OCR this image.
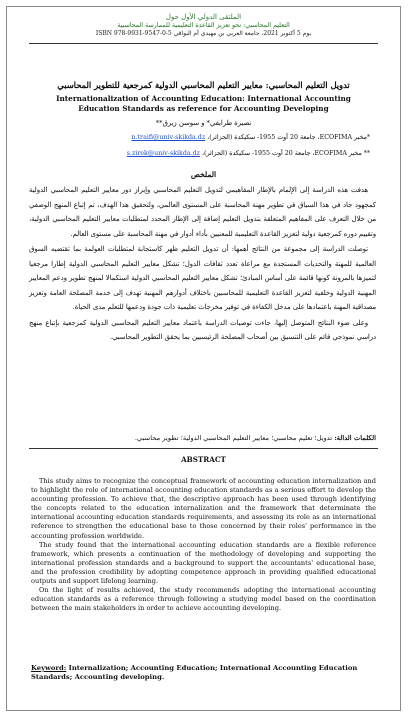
الملتقى الدولي الأول حول
التعليم المحاسبي: نحو تعزيز القاعدة التعليمية للممارسة المحاسبية
يوم 5 أكتوبر 2021، جامعة العربي بن مهيدي أم البواقي ISBN 978-9931-9547-0-5
تدويل التعليم المحاسبي: معايير التعليم المحاسبي الدولية كمرجعية للتطوير المحاسبي
Internationalization of Accounting Education: International Accounting Education Standards as reference for Accounting Developing
نصيرة طرايفي* و سوسن زيرق**
*مخبر ECOFIMA، جامعة 20 أوت 1955- سكيكدة (الجزائر)، n.traifi@univ-skikda.dz
** مخبر ECOFIMA، جامعة 20 أوت 1955- سكيكدة (الجزائر)، s.zirek@univ-skikda.dz
الملخص

هدفت هذه الدراسة إلى الإلمام بالإطار المفاهيمي لتدويل التعليم المحاسبي وإبراز دور معايير التعليم المحاسبي الدولية كمجهود جاد في هذا السياق في تطوير مهنة المحاسبة على المستوى العالمي، ولتحقيق هذا الهدف، تم إتباع المنهج الوصفي من خلال التعرف على المفاهيم المتعلقة بتدويل التعليم إضافة إلى الإطار المحدد لمتطلبات معايير التعليم المحاسبي الدولية، وتقييم دوره كمرجعية دولية لتعزيز القاعدة التعليمية للمعنيين بأداء أدوار في مهنة المحاسبة على مستوى العالم.

توصلت الدراسة إلى مجموعة من النتائج أهمها: أن تدويل التعليم ظهر كاستجابة لمتطلبات العولمة بما تقتضيه السوق العالمية للمهنة والتحديات المستجدة مع مراعاة تعدد ثقافات الدول؛ تشكل معايير التعليم المحاسبي الدولية إطارا مرجعيا لتميزها بالمرونة كونها قائمة على أساس المبادئ؛ تشكل معايير التعليم المحاسبي الدولية استكمالا لمنهج تطوير ودعم المعايير المهنية الدولية وخلفية لتعزيز القاعدة التعليمية للمحاسبين باختلاف أدوارهم المهنية تهدف إلى خدمة المصلحة العامة وتعزيز مصداقية المهنة باعتمادها على مدخل الكفاءة في توفير مخرجات تعليمية ذات جودة ودعمها للتعلم مدى الحياة.

وعلى ضوء النتائج المتوصل إليها، جاءت توصيات الدراسة باعتماد معايير التعليم المحاسبي الدولية كمرجعية بإتباع منهج دراسي نموذجي قائم على التنسيق بين أصحاب المصلحة الرئيسيين بما يحقق التطوير المحاسبي.

الكلمات الدالة: تدويل؛ تعليم محاسبي؛ معايير التعليم المحاسبي الدولية؛ تطوير محاسبي.
ABSTRACT

This study aims to recognize the conceptual framework of accounting education internalization and to highlight the role of international accounting education standards as a serious effort to develop the accounting profession. To achieve that, the descriptive approach has been used through identifying the concepts related to the education internalization and the framework that determinate the international accounting education standards requirements, and assessing its role as an international reference to strengthen the educational base to those concerned by their roles' performance in the accounting profession worldwide.

The study found that the international accounting education standards are a flexible reference framework, which presents a continuation of the methodology of developing and supporting the international profession standards and a background to support the accountants' educational base, and the profession credibility by adopting competence approach in providing qualified educational outputs and support lifelong learning.

On the light of results achieved, the study recommends adopting the international accounting education standards as a reference through following a studying model based on the coordination between the main stakeholders in order to achieve accounting developing.

Keyword: Internalization; Accounting Education; International Accounting Education Standards; Accounting developing.
